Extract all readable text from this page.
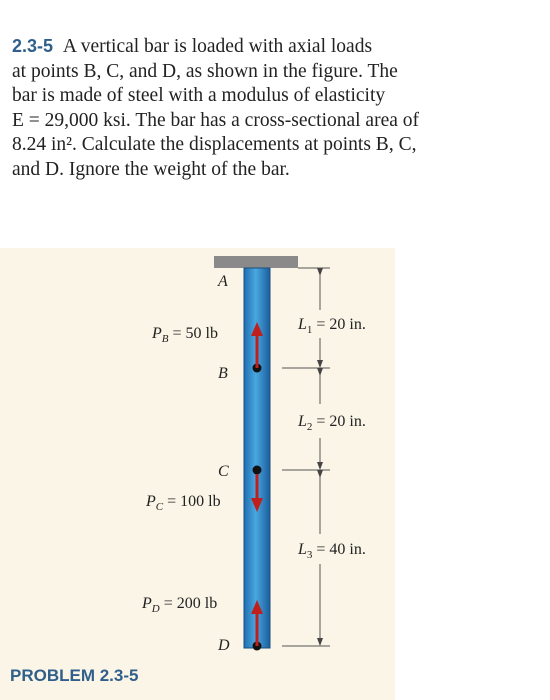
2.3-5 A vertical bar is loaded with axial loads

at points B, C, and D, as shown in the figure. The

bar is made of steel with a modulus of elasticity

E = 29,000 ksi. The bar has a cross-sectional area of

8.24 in². Calculate the displacements at points B, C,

and D. Ignore the weight of the bar.

A
B
C
D
$P_B = 50$ lb
$P_C = 100$ lb
$P_D = 200$ lb
$L_1 = 20$ in.
$L_2 = 20$ in.
$L_3 = 40$ in.
PROBLEM 2.3-5
